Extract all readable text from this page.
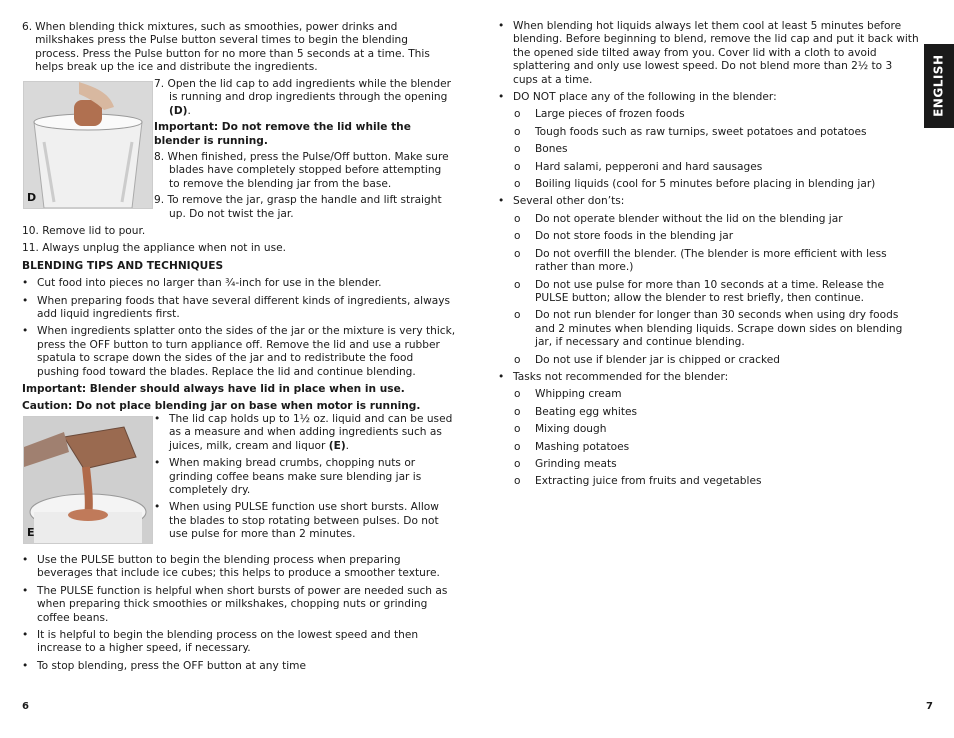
6. When blending thick mixtures, such as smoothies, power drinks and milkshakes press the Pulse button several times to begin the blending process. Press the Pulse button for no more than 5 seconds at a time. This helps break up the ice and distribute the ingredients.
D

7. Open the lid cap to add ingredients while the blender is running and drop ingredients through the opening (D).

Important: Do not remove the lid while the blender is running.

8. When finished, press the Pulse/Off button. Make sure blades have completely stopped before attempting to remove the blending jar from the base.

9. To remove the jar, grasp the handle and lift straight up. Do not twist the jar.

10. Remove lid to pour.

11. Always unplug the appliance when not in use.

BLENDING TIPS AND TECHNIQUES

• Cut food into pieces no larger than ¾-inch for use in the blender.
• When preparing foods that have several different kinds of ingredients, always add liquid ingredients first.
• When ingredients splatter onto the sides of the jar or the mixture is very thick, press the OFF button to turn appliance off. Remove the lid and use a rubber spatula to scrape down the sides of the jar and to redistribute the food pushing food toward the blades. Replace the lid and continue blending.

Important: Blender should always have lid in place when in use.

Caution: Do not place blending jar on base when motor is running.

E
• The lid cap holds up to 1½ oz. liquid and can be used as a measure and when adding ingredients such as juices, milk, cream and liquor (E).
• When making bread crumbs, chopping nuts or grinding coffee beans make sure blending jar is completely dry.
• When using PULSE function use short bursts. Allow the blades to stop rotating between pulses. Do not use pulse for more than 2 minutes.
• Use the PULSE button to begin the blending process when preparing beverages that include ice cubes; this helps to produce a smoother texture.
• The PULSE function is helpful when short bursts of power are needed such as when preparing thick smoothies or milkshakes, chopping nuts or grinding coffee beans.
• It is helpful to begin the blending process on the lowest speed and then increase to a higher speed, if necessary.
• To stop blending, press the OFF button at any time
6
• When blending hot liquids always let them cool at least 5 minutes before blending. Before beginning to blend, remove the lid cap and put it back with the opened side tilted away from you. Cover lid with a cloth to avoid splattering and only use lowest speed. Do not blend more than 2½ to 3 cups at a time.
• DO NOT place any of the following in the blender:
o	Large pieces of frozen foods
o	Tough foods such as raw turnips, sweet potatoes and potatoes
o	Bones
o	Hard salami, pepperoni and hard sausages
o	Boiling liquids (cool for 5 minutes before placing in blending jar)
• Several other don’ts:
o	Do not operate blender without the lid on the blending jar
o	Do not store foods in the blending jar
o	Do not overfill the blender. (The blender is more efficient with less rather than more.)
o	Do not use pulse for more than 10 seconds at a time. Release the PULSE button; allow the blender to rest briefly, then continue.
o	Do not run blender for longer than 30 seconds when using dry foods and 2 minutes when blending liquids. Scrape down sides on blending jar, if necessary and continue blending.
o	Do not use if blender jar is chipped or cracked
• Tasks not recommended for the blender:
o	Whipping cream
o	Beating egg whites
o	Mixing dough
o	Mashing potatoes
o	Grinding meats
o	Extracting juice from fruits and vegetables
7
ENGLISH
